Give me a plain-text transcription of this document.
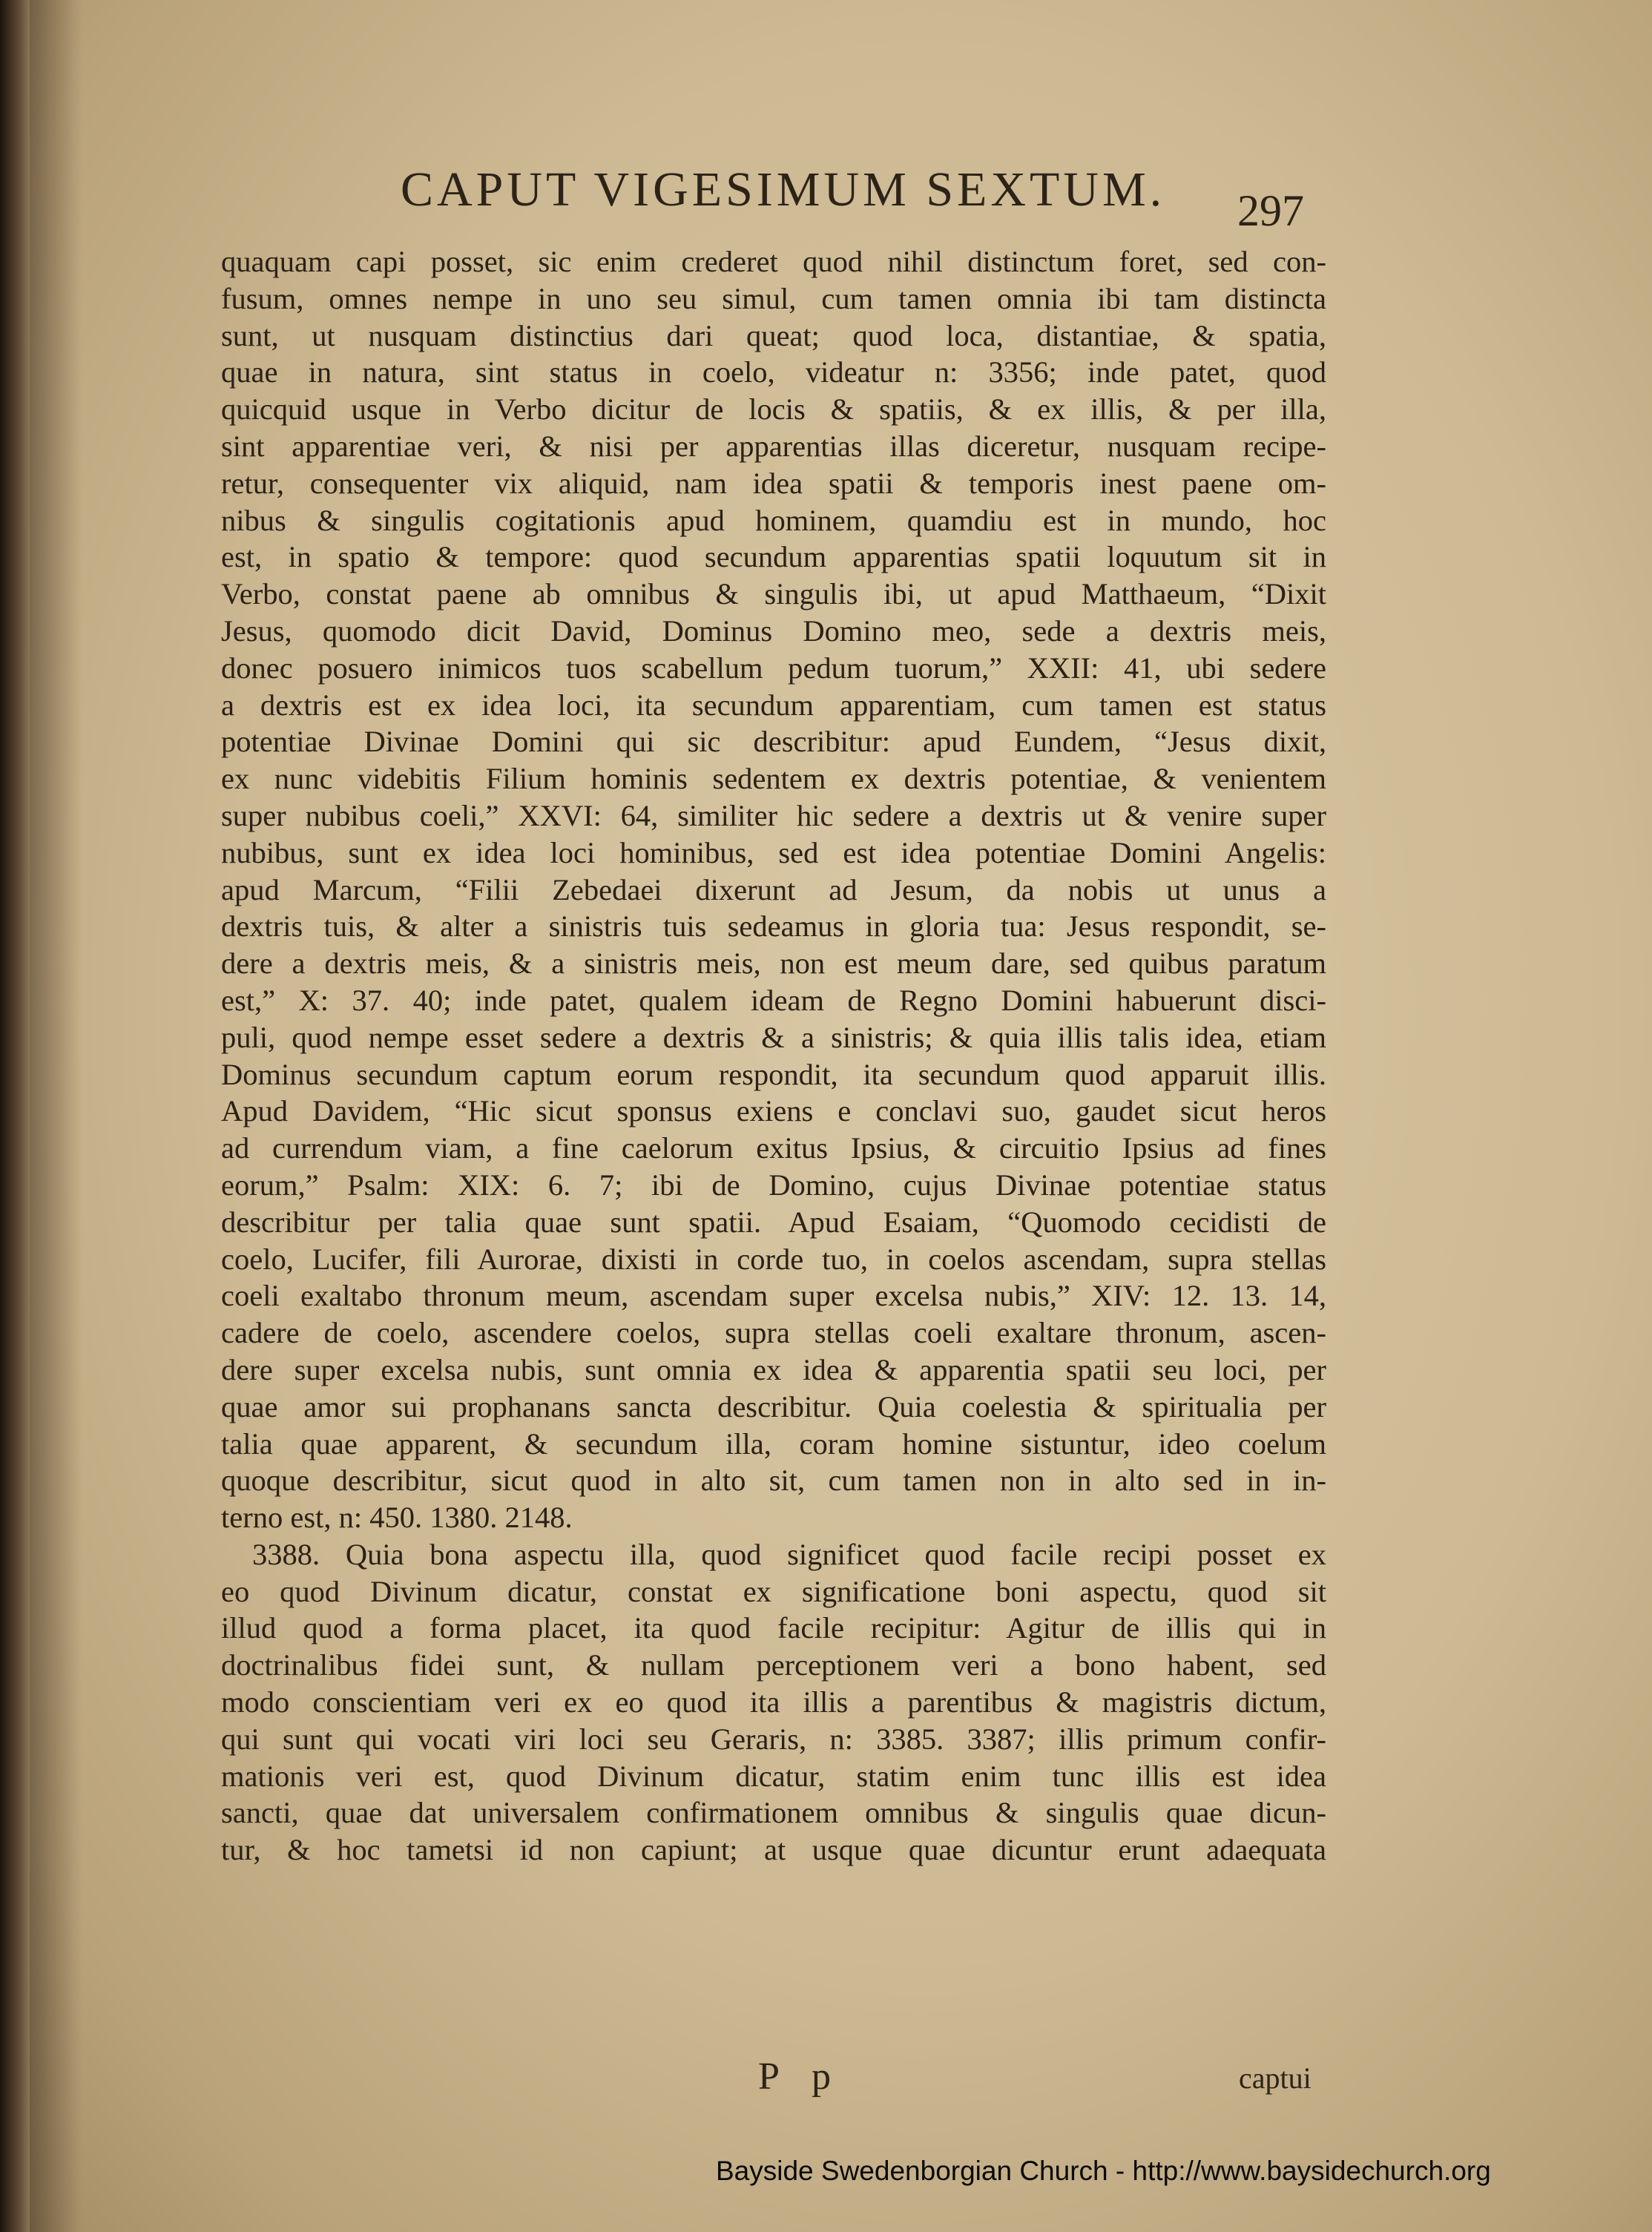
CAPUT VIGESIMUM SEXTUM. 297
quaquam capi posset, sic enim crederet quod nihil distinctum foret, sed con-
fusum, omnes nempe in uno seu simul, cum tamen omnia ibi tam distincta
sunt, ut nusquam distinctius dari queat; quod loca, distantiae, & spatia,
quae in natura, sint status in coelo, videatur n: 3356; inde patet, quod
quicquid usque in Verbo dicitur de locis & spatiis, & ex illis, & per illa,
sint apparentiae veri, & nisi per apparentias illas diceretur, nusquam recipe-
retur, consequenter vix aliquid, nam idea spatii & temporis inest paene om-
nibus & singulis cogitationis apud hominem, quamdiu est in mundo, hoc
est, in spatio & tempore: quod secundum apparentias spatii loquutum sit in
Verbo, constat paene ab omnibus & singulis ibi, ut apud Matthaeum, “Dixit
Jesus, quomodo dicit David, Dominus Domino meo, sede a dextris meis,
donec posuero inimicos tuos scabellum pedum tuorum,” XXII: 41, ubi sedere
a dextris est ex idea loci, ita secundum apparentiam, cum tamen est status
potentiae Divinae Domini qui sic describitur: apud Eundem, “Jesus dixit,
ex nunc videbitis Filium hominis sedentem ex dextris potentiae, & venientem
super nubibus coeli,” XXVI: 64, similiter hic sedere a dextris ut & venire super
nubibus, sunt ex idea loci hominibus, sed est idea potentiae Domini Angelis:
apud Marcum, “Filii Zebedaei dixerunt ad Jesum, da nobis ut unus a
dextris tuis, & alter a sinistris tuis sedeamus in gloria tua: Jesus respondit, se-
dere a dextris meis, & a sinistris meis, non est meum dare, sed quibus paratum
est,” X: 37. 40; inde patet, qualem ideam de Regno Domini habuerunt disci-
puli, quod nempe esset sedere a dextris & a sinistris; & quia illis talis idea, etiam
Dominus secundum captum eorum respondit, ita secundum quod apparuit illis.
Apud Davidem, “Hic sicut sponsus exiens e conclavi suo, gaudet sicut heros
ad currendum viam, a fine caelorum exitus Ipsius, & circuitio Ipsius ad fines
eorum,” Psalm: XIX: 6. 7; ibi de Domino, cujus Divinae potentiae status
describitur per talia quae sunt spatii. Apud Esaiam, “Quomodo cecidisti de
coelo, Lucifer, fili Aurorae, dixisti in corde tuo, in coelos ascendam, supra stellas
coeli exaltabo thronum meum, ascendam super excelsa nubis,” XIV: 12. 13. 14,
cadere de coelo, ascendere coelos, supra stellas coeli exaltare thronum, ascen-
dere super excelsa nubis, sunt omnia ex idea & apparentia spatii seu loci, per
quae amor sui prophanans sancta describitur. Quia coelestia & spiritualia per
talia quae apparent, & secundum illa, coram homine sistuntur, ideo coelum
quoque describitur, sicut quod in alto sit, cum tamen non in alto sed in in-
terno est, n: 450. 1380. 2148.
3388. Quia bona aspectu illa, quod significet quod facile recipi posset ex
eo quod Divinum dicatur, constat ex significatione boni aspectu, quod sit
illud quod a forma placet, ita quod facile recipitur: Agitur de illis qui in
doctrinalibus fidei sunt, & nullam perceptionem veri a bono habent, sed
modo conscientiam veri ex eo quod ita illis a parentibus & magistris dictum,
qui sunt qui vocati viri loci seu Geraris, n: 3385. 3387; illis primum confir-
mationis veri est, quod Divinum dicatur, statim enim tunc illis est idea
sancti, quae dat universalem confirmationem omnibus & singulis quae dicun-
tur, & hoc tametsi id non capiunt; at usque quae dicuntur erunt adaequata
P p	captui
Bayside Swedenborgian Church - http://www.baysidechurch.org
